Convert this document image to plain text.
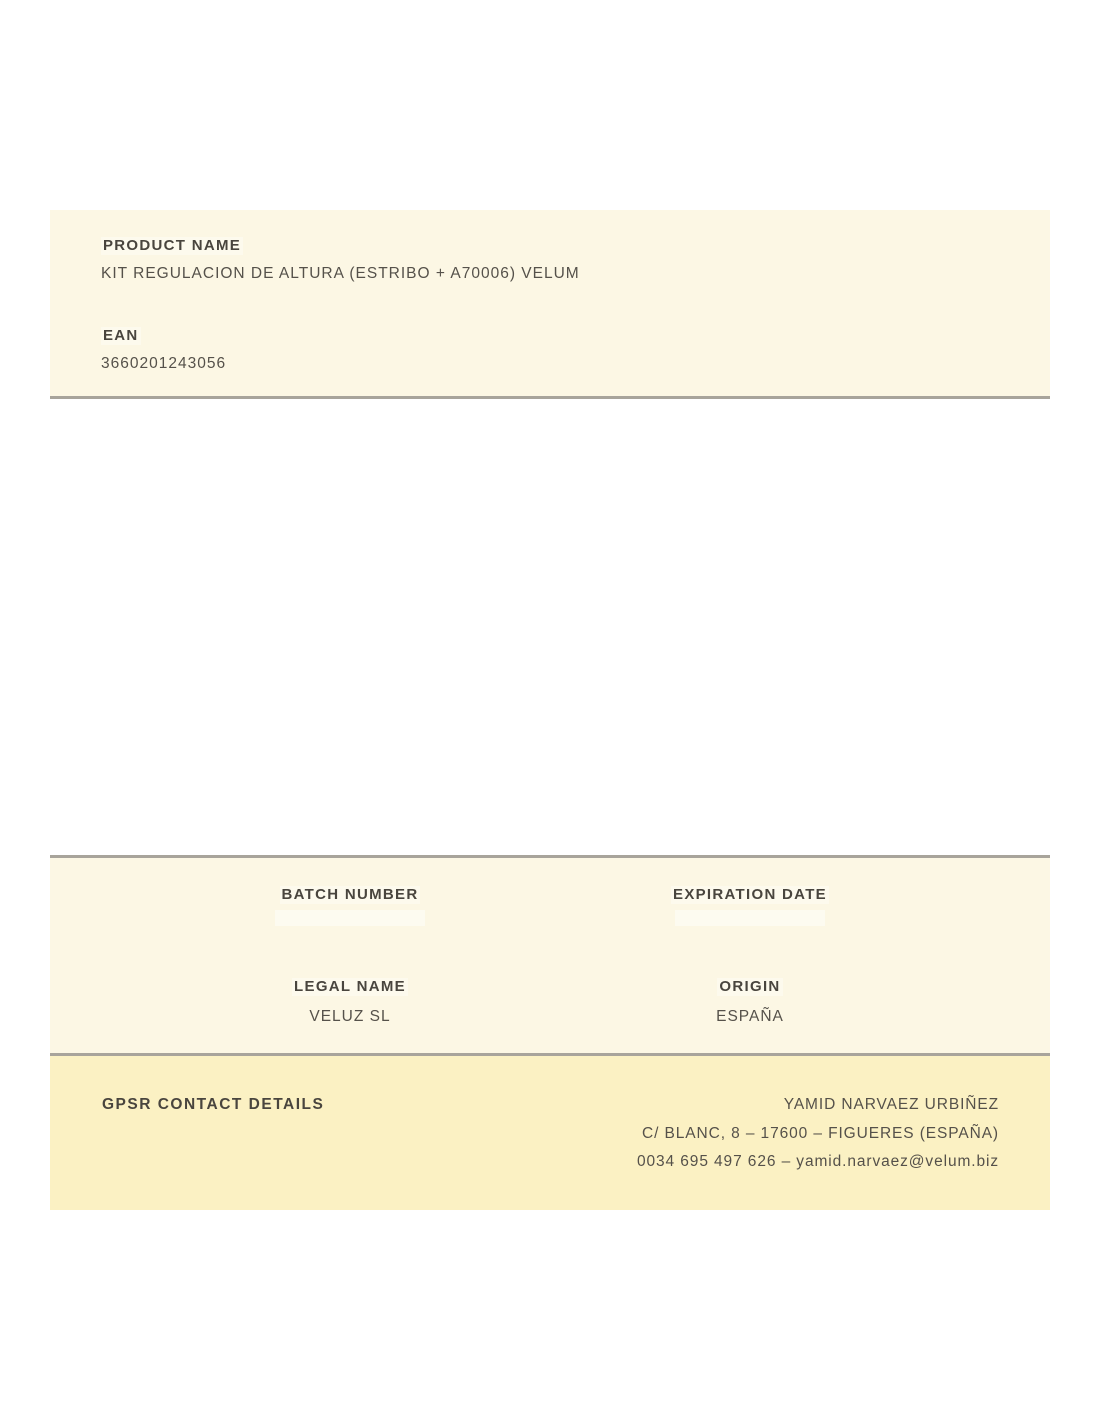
PRODUCT NAME
KIT REGULACION DE ALTURA (ESTRIBO + A70006) VELUM
EAN
3660201243056
BATCH NUMBER	EXPIRATION DATE
LEGAL NAME
VELUZ SL
ORIGIN
ESPAÑA
GPSR CONTACT DETAILS	YAMID NARVAEZ URBIÑEZ
C/ BLANC, 8 – 17600 – FIGUERES (ESPAÑA)
0034 695 497 626 – yamid.narvaez@velum.biz
